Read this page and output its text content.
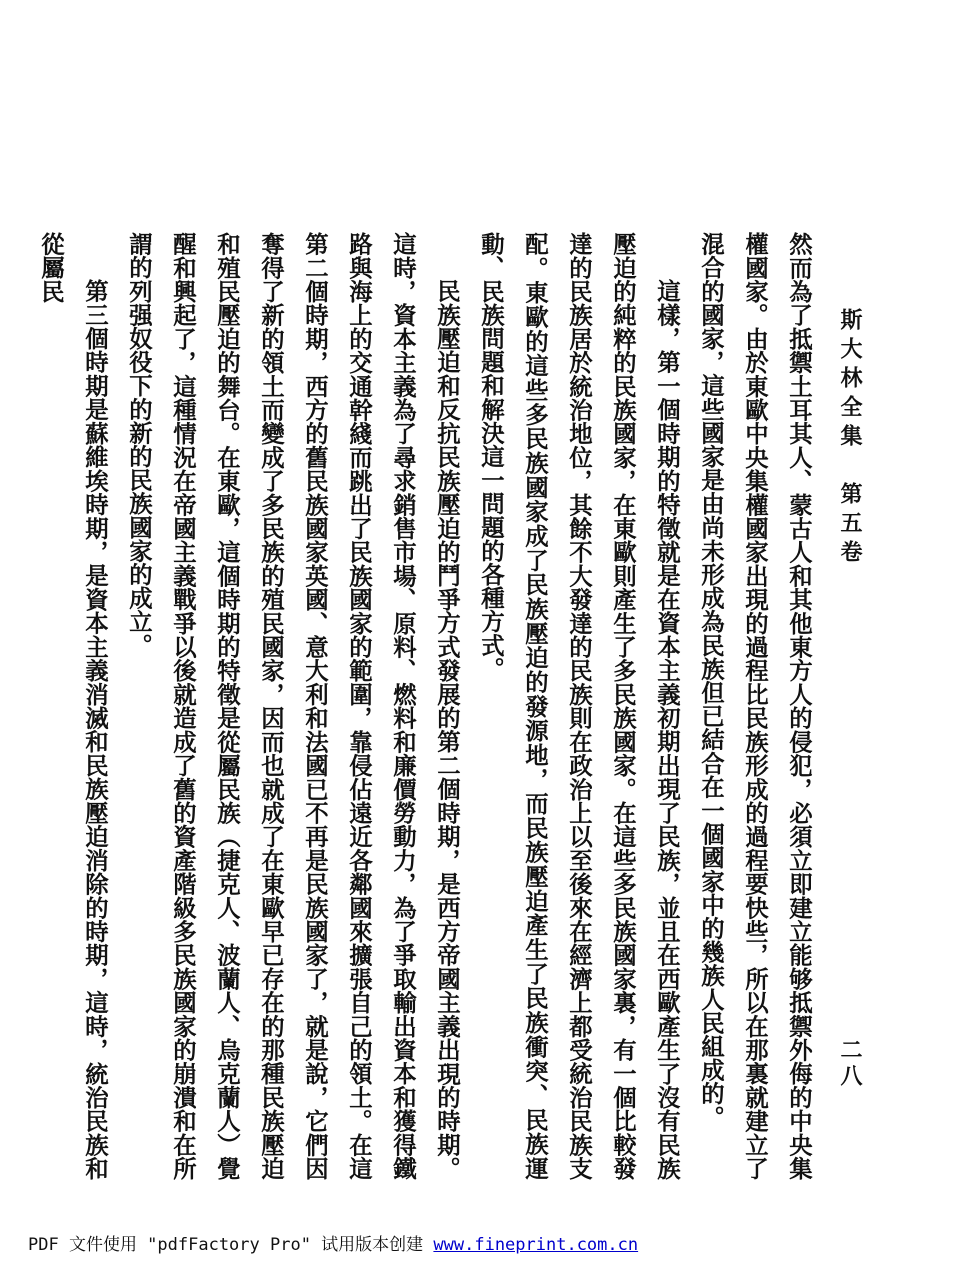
斯大林全集　第五卷
二八

然而為了抵禦土耳其人、蒙古人和其他東方人的侵犯，必須立即建立能够抵禦外侮的中央集權國家。由於東歐中央集權國家出現的過程比民族形成的過程要快些，所以在那裏就建立了混合的國家，這些國家是由尚未形成為民族但已結合在一個國家中的幾族人民組成的。

這樣，第一個時期的特徵就是在資本主義初期出現了民族，並且在西歐產生了沒有民族壓迫的純粹的民族國家，在東歐則產生了多民族國家。在這些多民族國家裏，有一個比較發達的民族居於統治地位，其餘不大發達的民族則在政治上以至後來在經濟上都受統治民族支配。東歐的這些多民族國家成了民族壓迫的發源地，而民族壓迫產生了民族衝突、民族運動、民族問題和解決這一問題的各種方式。

民族壓迫和反抗民族壓迫的鬥爭方式發展的第二個時期，是西方帝國主義出現的時期。這時，資本主義為了尋求銷售市場、原料、燃料和廉價勞動力，為了爭取輸出資本和獲得鐵路與海上的交通幹綫而跳出了民族國家的範圍，靠侵佔遠近各鄰國來擴張自己的領土。在這第二個時期，西方的舊民族國家英國、意大利和法國已不再是民族國家了，就是說，它們因奪得了新的領土而變成了多民族的殖民國家，因而也就成了在東歐早已存在的那種民族壓迫和殖民壓迫的舞台。在東歐，這個時期的特徵是從屬民族（捷克人、波蘭人、烏克蘭人）覺醒和興起了，這種情況在帝國主義戰爭以後就造成了舊的資產階級多民族國家的崩潰和在所謂的列强奴役下的新的民族國家的成立。

第三個時期是蘇維埃時期，是資本主義消滅和民族壓迫消除的時期，這時，統治民族和從屬民

PDF 文件使用 "pdfFactory Pro" 试用版本创建 www.fineprint.com.cn
